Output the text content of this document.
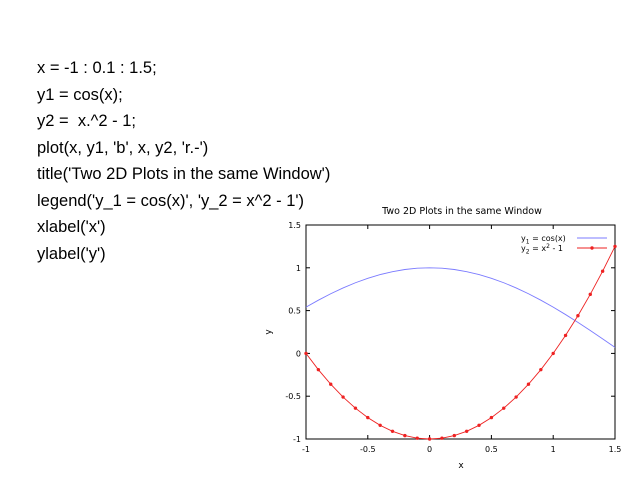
x = -1 : 0.1 : 1.5;
y1 = cos(x);
y2 =  x.^2 - 1;
plot(x, y1, 'b', x, y2, 'r.-')
title('Two 2D Plots in the same Window')
legend('y_1 = cos(x)', 'y_2 = x^2 - 1')
xlabel('x')
ylabel('y')
Two 2D Plots in the same Window
-1	-0.5	0	0.5	1	1.5
-1
-0.5
0
0.5
1
1.5
$y_1 = \cos(x)$
$y_2 = x^2 - 1$
x
y
